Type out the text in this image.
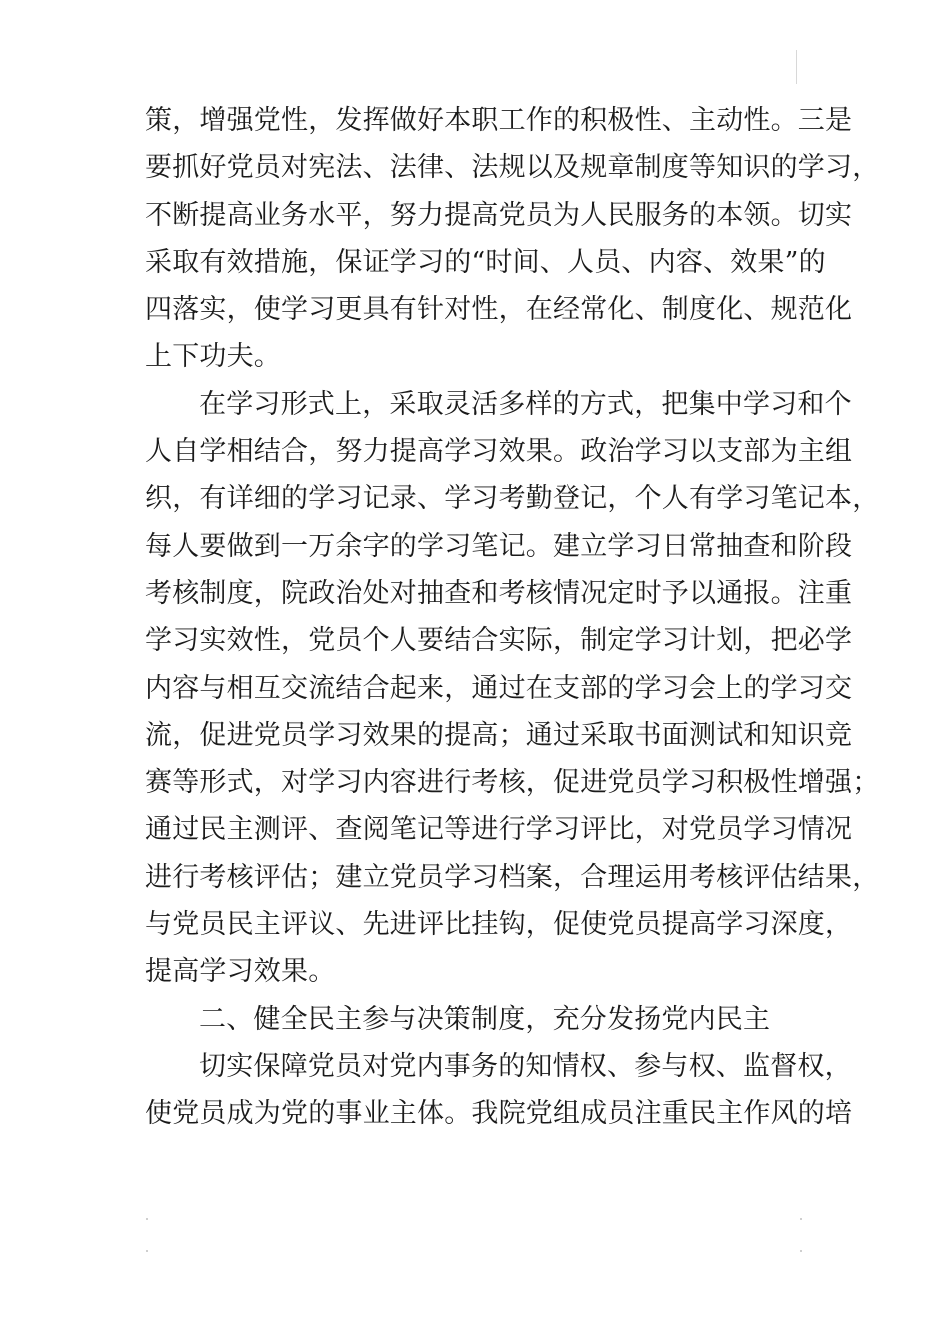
策，增强党性，发挥做好本职工作的积极性、主动性。三是
要抓好党员对宪法、法律、法规以及规章制度等知识的学习，
不断提高业务水平，努力提高党员为人民服务的本领。切实
采取有效措施，保证学习的“时间、人员、内容、效果”的
四落实，使学习更具有针对性，在经常化、制度化、规范化
上下功夫。
在学习形式上，采取灵活多样的方式，把集中学习和个
人自学相结合，努力提高学习效果。政治学习以支部为主组
织，有详细的学习记录、学习考勤登记，个人有学习笔记本，
每人要做到一万余字的学习笔记。建立学习日常抽查和阶段
考核制度，院政治处对抽查和考核情况定时予以通报。注重
学习实效性，党员个人要结合实际，制定学习计划，把必学
内容与相互交流结合起来，通过在支部的学习会上的学习交
流，促进党员学习效果的提高；通过采取书面测试和知识竞
赛等形式，对学习内容进行考核，促进党员学习积极性增强；
通过民主测评、查阅笔记等进行学习评比，对党员学习情况
进行考核评估；建立党员学习档案，合理运用考核评估结果，
与党员民主评议、先进评比挂钩，促使党员提高学习深度，
提高学习效果。
二、健全民主参与决策制度，充分发扬党内民主
切实保障党员对党内事务的知情权、参与权、监督权，
使党员成为党的事业主体。我院党组成员注重民主作风的培
